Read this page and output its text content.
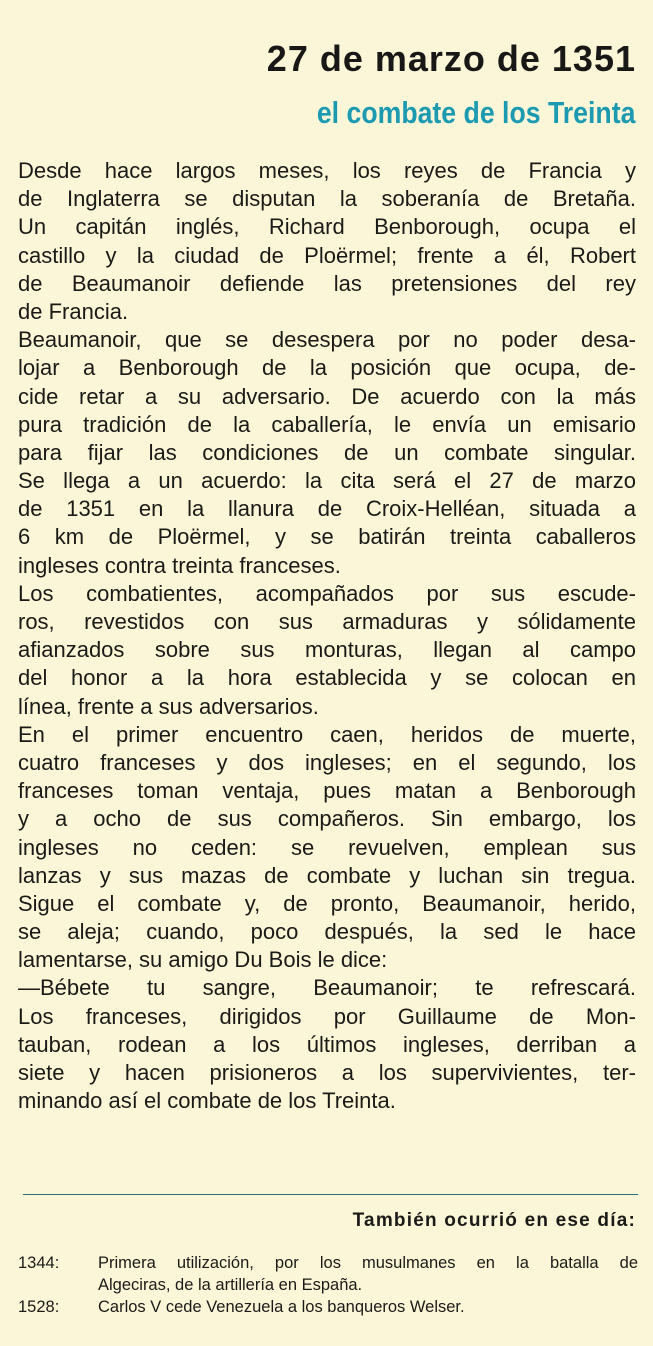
27 de marzo de 1351
el combate de los Treinta
Desde hace largos meses, los reyes de Francia y
de Inglaterra se disputan la soberanía de Bretaña.
Un capitán inglés, Richard Benborough, ocupa el
castillo y la ciudad de Ploërmel; frente a él, Robert
de Beaumanoir defiende las pretensiones del rey
de Francia.
Beaumanoir, que se desespera por no poder desa-
lojar a Benborough de la posición que ocupa, de-
cide retar a su adversario. De acuerdo con la más
pura tradición de la caballería, le envía un emisario
para fijar las condiciones de un combate singular.
Se llega a un acuerdo: la cita será el 27 de marzo
de 1351 en la llanura de Croix-Helléan, situada a
6 km de Ploërmel, y se batirán treinta caballeros
ingleses contra treinta franceses.
Los combatientes, acompañados por sus escude-
ros, revestidos con sus armaduras y sólidamente
afianzados sobre sus monturas, llegan al campo
del honor a la hora establecida y se colocan en
línea, frente a sus adversarios.
En el primer encuentro caen, heridos de muerte,
cuatro franceses y dos ingleses; en el segundo, los
franceses toman ventaja, pues matan a Benborough
y a ocho de sus compañeros. Sin embargo, los
ingleses no ceden: se revuelven, emplean sus
lanzas y sus mazas de combate y luchan sin tregua.
Sigue el combate y, de pronto, Beaumanoir, herido,
se aleja; cuando, poco después, la sed le hace
lamentarse, su amigo Du Bois le dice:
—Bébete tu sangre, Beaumanoir; te refrescará.
Los franceses, dirigidos por Guillaume de Mon-
tauban, rodean a los últimos ingleses, derriban a
siete y hacen prisioneros a los supervivientes, ter-
minando así el combate de los Treinta.
También ocurrió en ese día:
1344: Primera utilización, por los musulmanes en la batalla de
Algeciras, de la artillería en España.
1528: Carlos V cede Venezuela a los banqueros Welser.
